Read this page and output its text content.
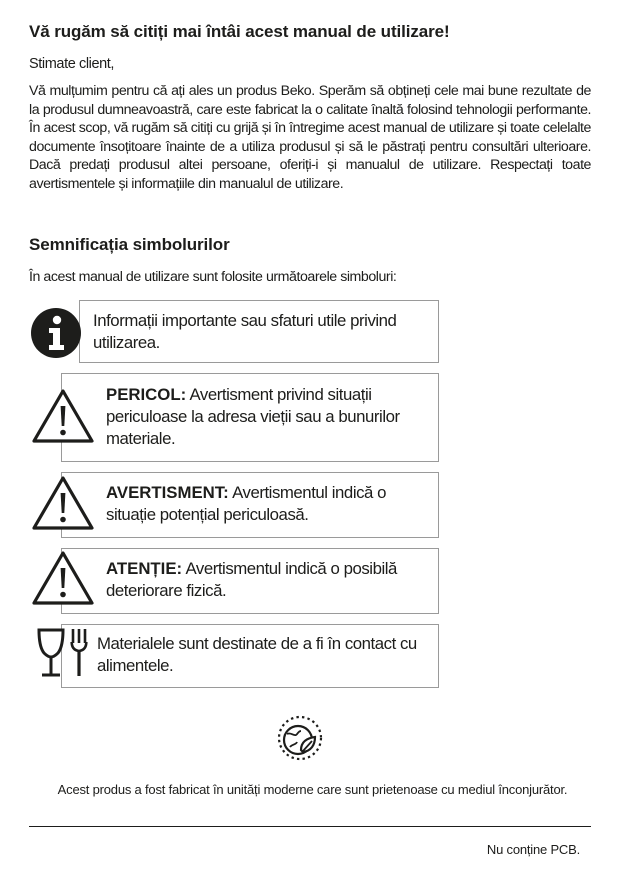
Vă rugăm să citiți mai întâi acest manual de utilizare!
Stimate client,
Vă mulțumim pentru că ați ales un produs Beko. Sperăm să obțineți cele mai bune rezultate de la produsul dumneavoastră, care este fabricat la o calitate înaltă folosind tehnologii performante. În acest scop, vă rugăm să citiți cu grijă și în întregime acest manual de utilizare și toate celelalte documente însoțitoare înainte de a utiliza produsul și să le păstrați pentru consultări ulterioare. Dacă predați produsul altei persoane, oferiți-i și manualul de utilizare. Respectați toate avertismentele și informațiile din manualul de utilizare.
Semnificația simbolurilor
În acest manual de utilizare sunt folosite următoarele simboluri:
Informații importante sau sfaturi utile privind utilizarea.
PERICOL: Avertisment privind situații periculoase la adresa vieții sau a bunurilor materiale.
AVERTISMENT: Avertismentul indică o situație potențial periculoasă.
ATENȚIE: Avertismentul indică o posibilă deteriorare fizică.
Materialele sunt destinate de a fi în contact cu alimentele.
Acest produs a fost fabricat în unități moderne care sunt prietenoase cu mediul înconjurător.
Nu conține PCB.
